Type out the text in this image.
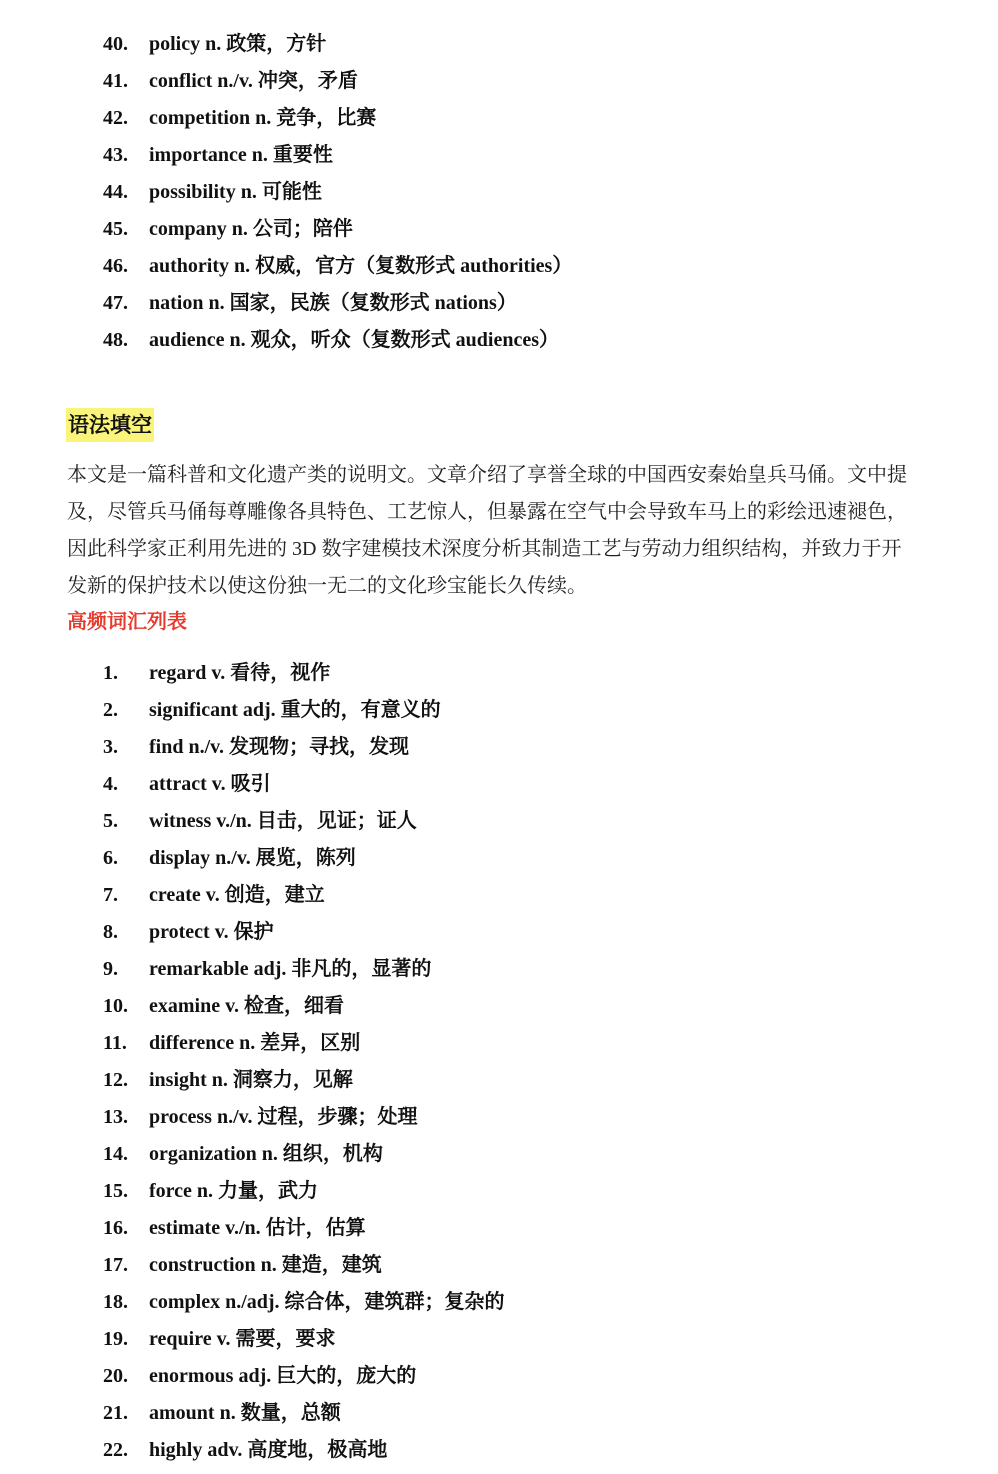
40. policy n. 政策，方针
41. conflict n./v. 冲突，矛盾
42. competition n. 竞争，比赛
43. importance n. 重要性
44. possibility n. 可能性
45. company n. 公司；陪伴
46. authority n. 权威，官方（复数形式 authorities）
47. nation n. 国家，民族（复数形式 nations）
48. audience n. 观众，听众（复数形式 audiences）
语法填空

本文是一篇科普和文化遗产类的说明文。文章介绍了享誉全球的中国西安秦始皇兵马俑。文中提及，尽管兵马俑每尊雕像各具特色、工艺惊人，但暴露在空气中会导致车马上的彩绘迅速褪色，因此科学家正利用先进的 3D 数字建模技术深度分析其制造工艺与劳动力组织结构，并致力于开发新的保护技术以使这份独一无二的文化珍宝能长久传续。

高频词汇列表
1. regard v. 看待，视作
2. significant adj. 重大的，有意义的
3. find n./v. 发现物；寻找，发现
4. attract v. 吸引
5. witness v./n. 目击，见证；证人
6. display n./v. 展览，陈列
7. create v. 创造，建立
8. protect v. 保护
9. remarkable adj. 非凡的，显著的
10. examine v. 检查，细看
11. difference n. 差异，区别
12. insight n. 洞察力，见解
13. process n./v. 过程，步骤；处理
14. organization n. 组织，机构
15. force n. 力量，武力
16. estimate v./n. 估计，估算
17. construction n. 建造，建筑
18. complex n./adj. 综合体，建筑群；复杂的
19. require v. 需要，要求
20. enormous adj. 巨大的，庞大的
21. amount n. 数量，总额
22. highly adv. 高度地，极高地
